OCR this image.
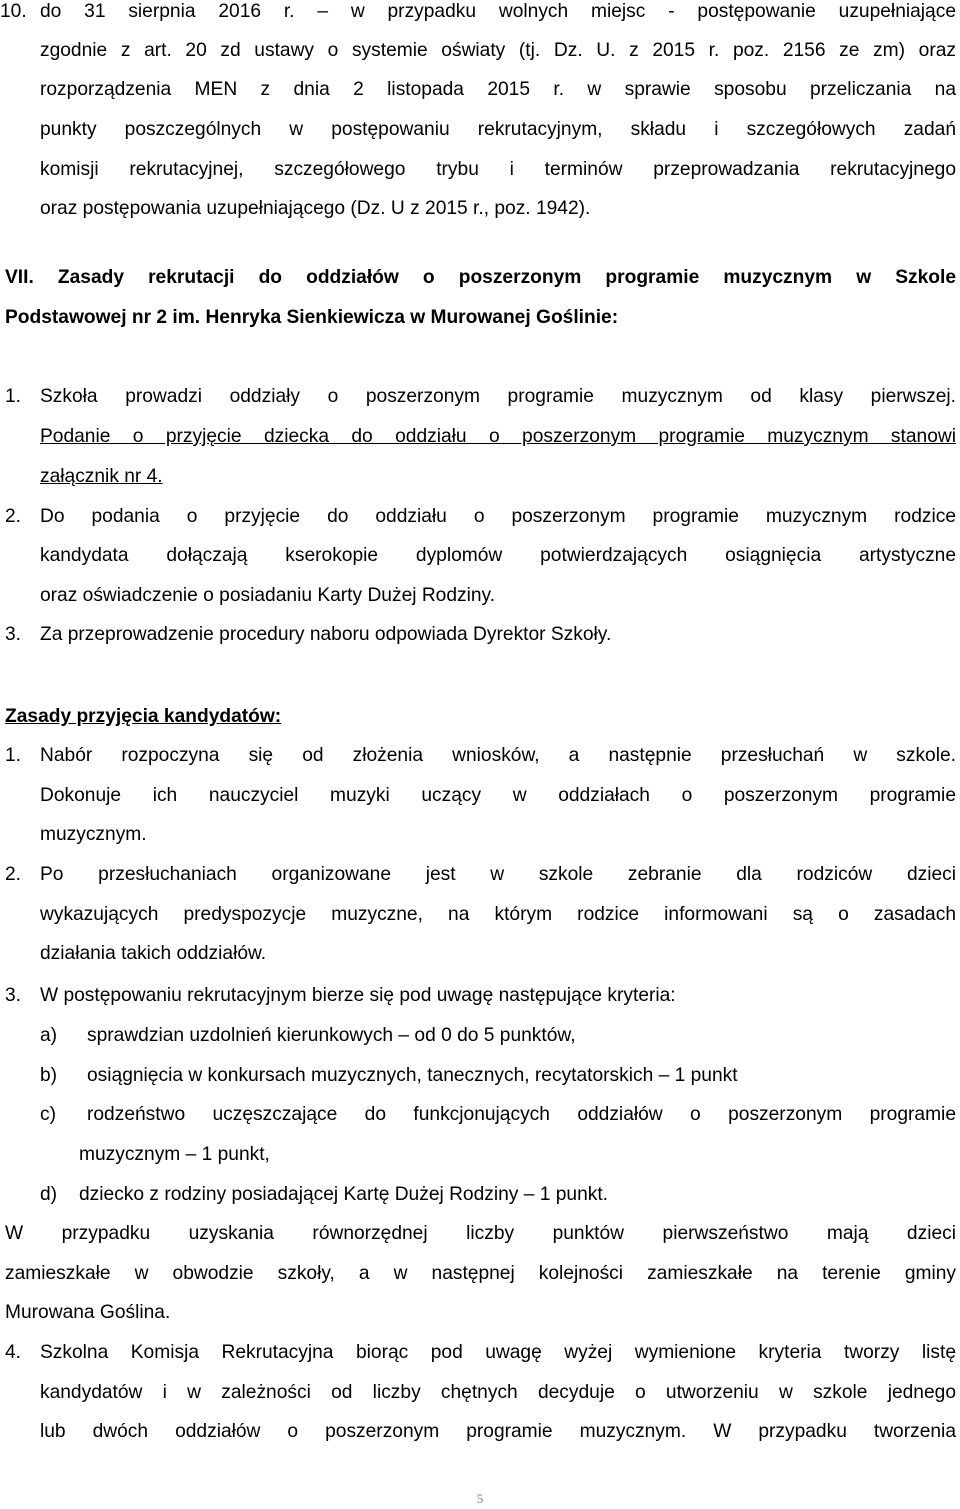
10. do 31 sierpnia 2016 r. – w przypadku wolnych miejsc - postępowanie uzupełniające
zgodnie z art. 20 zd ustawy o systemie oświaty (tj. Dz. U. z 2015 r. poz. 2156 ze zm) oraz
rozporządzenia MEN z dnia 2 listopada 2015 r. w sprawie sposobu przeliczania na
punkty poszczególnych w postępowaniu rekrutacyjnym, składu i szczegółowych zadań
komisji rekrutacyjnej, szczegółowego trybu i terminów przeprowadzania rekrutacyjnego
oraz postępowania uzupełniającego (Dz. U z 2015 r., poz. 1942).
VII. Zasady rekrutacji do oddziałów o poszerzonym programie muzycznym w Szkole
Podstawowej nr 2 im. Henryka Sienkiewicza w Murowanej Goślinie:
1. Szkoła prowadzi oddziały o poszerzonym programie muzycznym od klasy pierwszej.
Podanie o przyjęcie dziecka do oddziału o poszerzonym programie muzycznym stanowi
załącznik nr 4.
2. Do podania o przyjęcie do oddziału o poszerzonym programie muzycznym rodzice
kandydata dołączają kserokopie dyplomów potwierdzających osiągnięcia artystyczne
oraz oświadczenie o posiadaniu Karty Dużej Rodziny.
3. Za przeprowadzenie procedury naboru odpowiada Dyrektor Szkoły.
Zasady przyjęcia kandydatów:
1. Nabór rozpoczyna się od złożenia wniosków, a następnie przesłuchań w szkole.
Dokonuje ich nauczyciel muzyki uczący w oddziałach o poszerzonym programie
muzycznym.
2. Po przesłuchaniach organizowane jest w szkole zebranie dla rodziców dzieci
wykazujących predyspozycje muzyczne, na którym rodzice informowani są o zasadach
działania takich oddziałów.
3. W postępowaniu rekrutacyjnym bierze się pod uwagę następujące kryteria:
a)	sprawdzian uzdolnień kierunkowych – od 0 do 5 punktów,
b)	osiągnięcia w konkursach muzycznych, tanecznych, recytatorskich – 1 punkt
c)	rodzeństwo uczęszczające do funkcjonujących oddziałów o poszerzonym programie
muzycznym – 1 punkt,
d)	dziecko z rodziny posiadającej Kartę Dużej Rodziny – 1 punkt.
W przypadku uzyskania równorzędnej liczby punktów pierwszeństwo mają dzieci
zamieszkałe w obwodzie szkoły, a w następnej kolejności zamieszkałe na terenie gminy
Murowana Goślina.
4. Szkolna Komisja Rekrutacyjna biorąc pod uwagę wyżej wymienione kryteria tworzy listę
kandydatów i w zależności od liczby chętnych decyduje o utworzeniu w szkole jednego
lub dwóch oddziałów o poszerzonym programie muzycznym. W przypadku tworzenia
5
